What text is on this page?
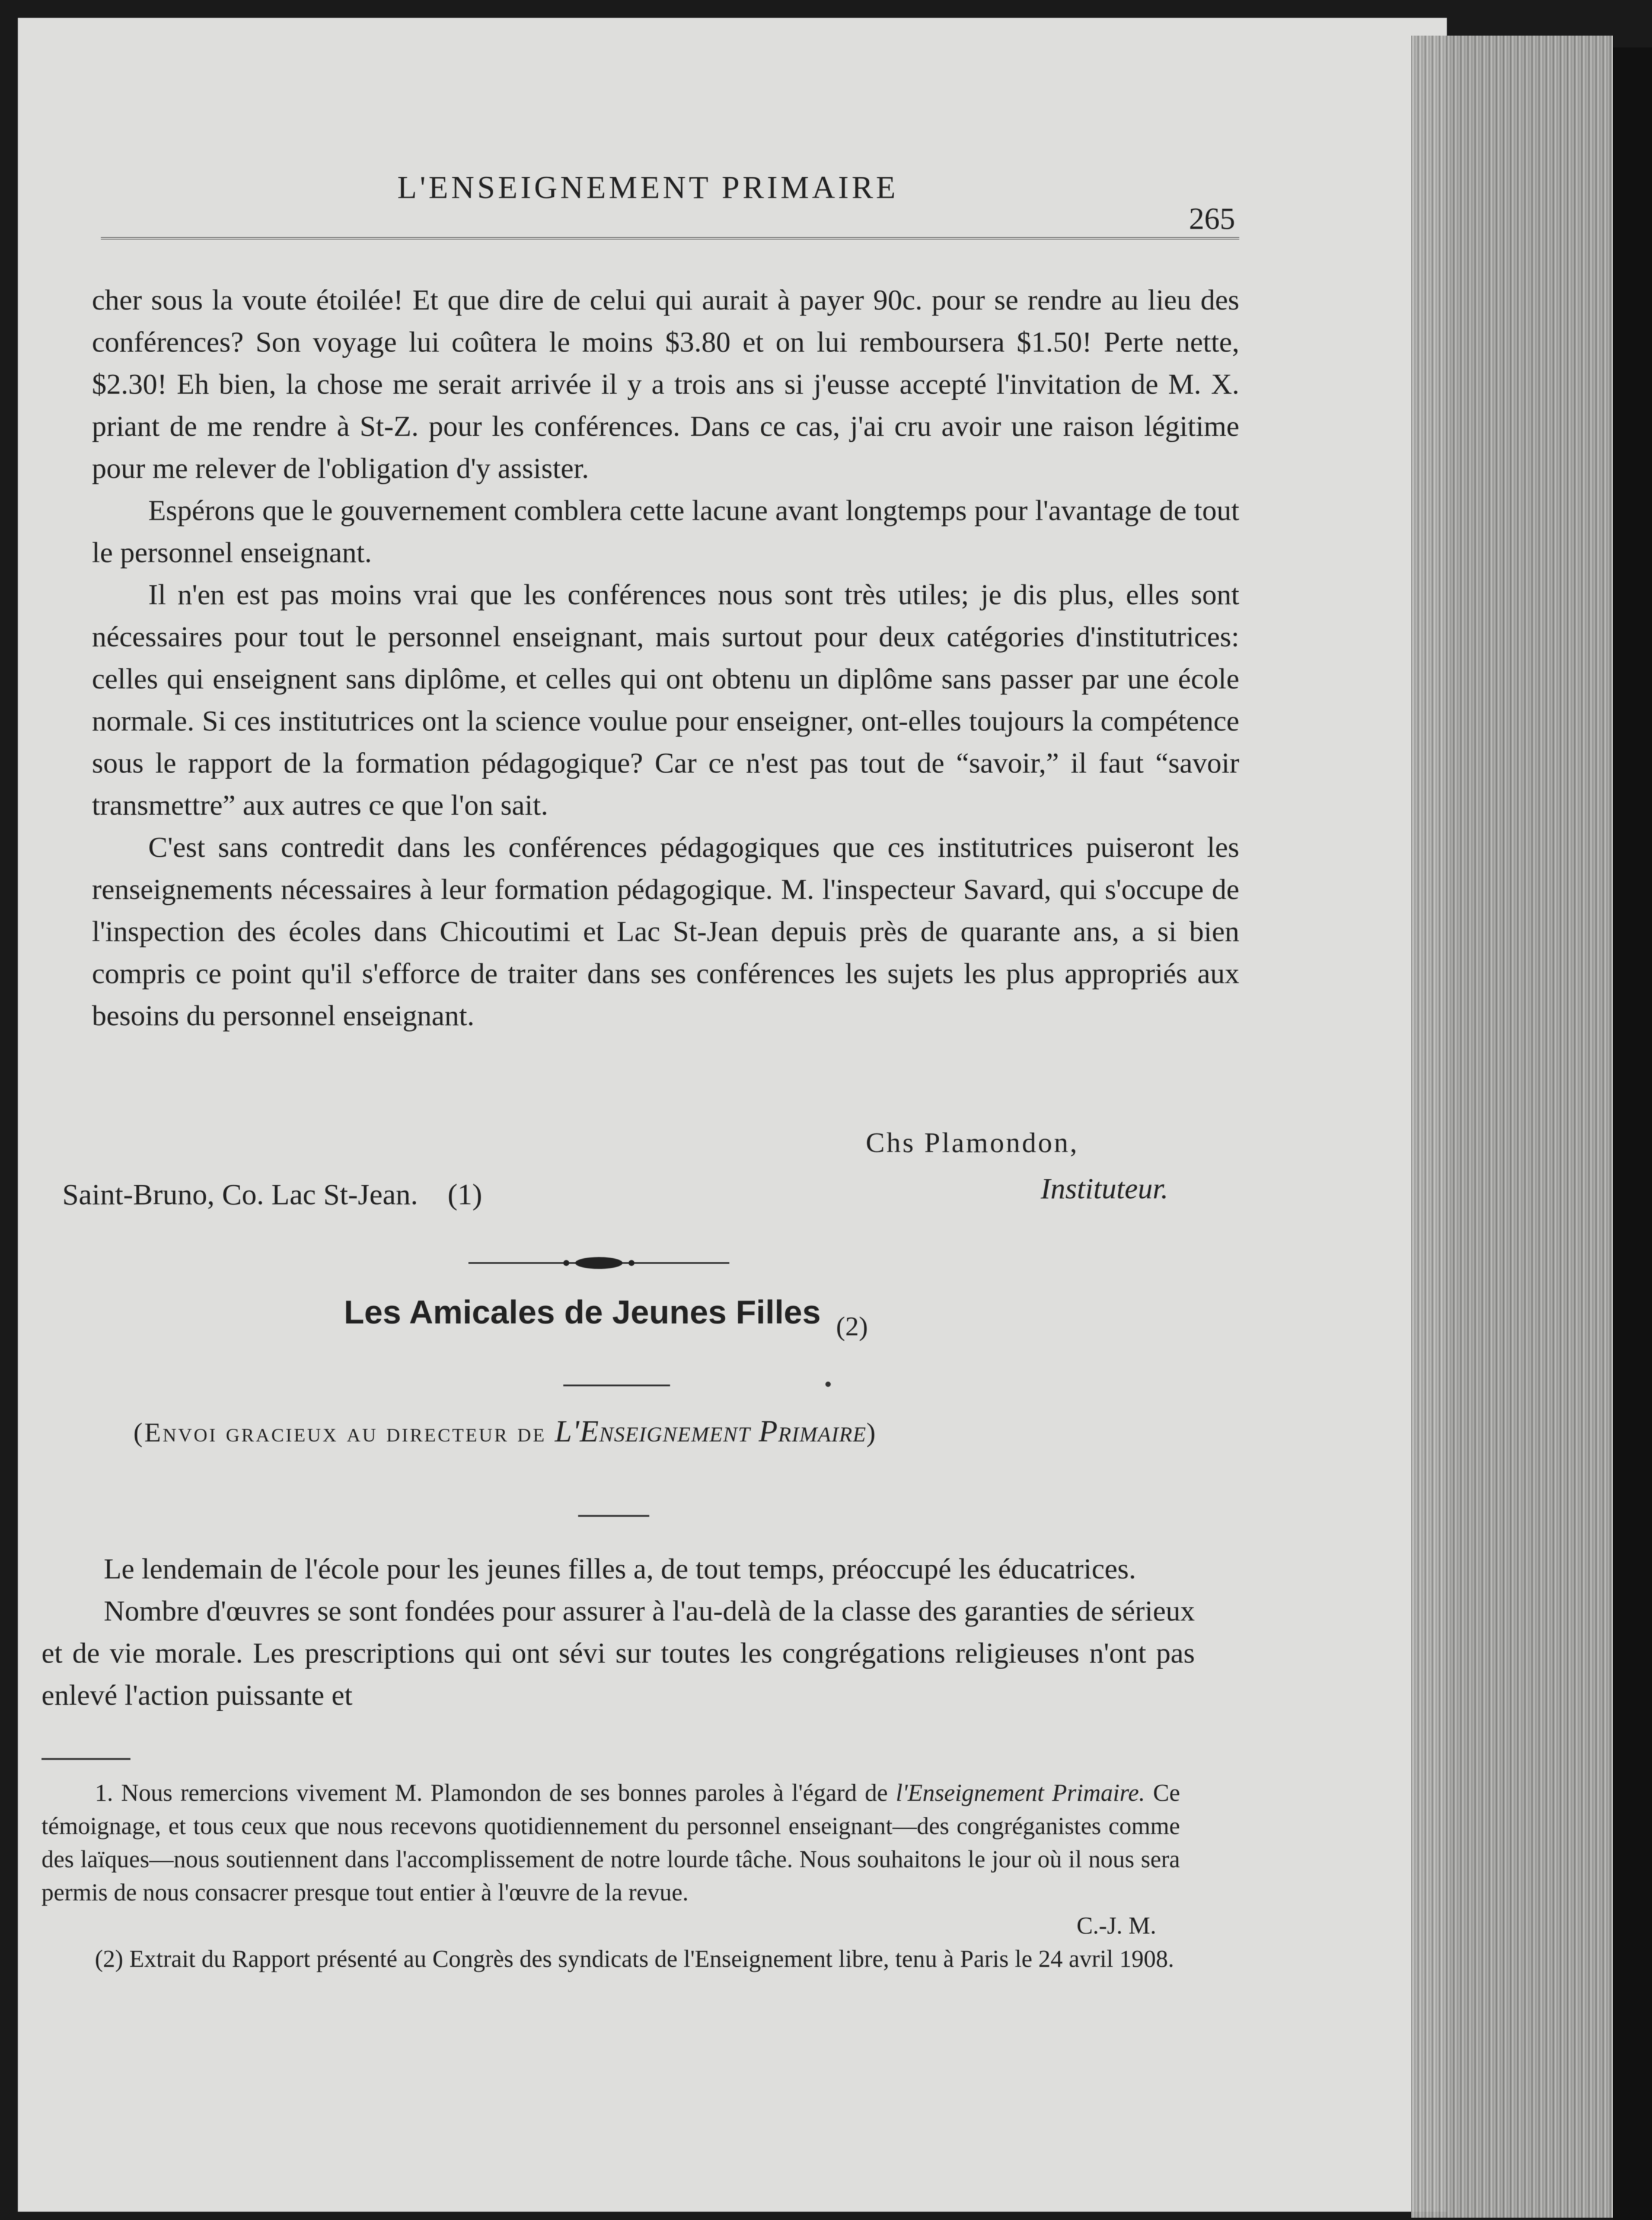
L'ENSEIGNEMENT PRIMAIRE
265

cher sous la voute étoilée! Et que dire de celui qui aurait à payer 90c. pour se rendre au lieu des conférences? Son voyage lui coûtera le moins $3.80 et on lui remboursera $1.50! Perte nette, $2.30! Eh bien, la chose me serait arrivée il y a trois ans si j'eusse accepté l'invitation de M. X. priant de me rendre à St-Z. pour les conférences. Dans ce cas, j'ai cru avoir une raison légitime pour me relever de l'obligation d'y assister.

Espérons que le gouvernement comblera cette lacune avant longtemps pour l'avantage de tout le personnel enseignant.

Il n'en est pas moins vrai que les conférences nous sont très utiles; je dis plus, elles sont nécessaires pour tout le personnel enseignant, mais surtout pour deux catégories d'institutrices: celles qui enseignent sans diplôme, et celles qui ont obtenu un diplôme sans passer par une école normale. Si ces institutrices ont la science voulue pour enseigner, ont-elles toujours la compétence sous le rapport de la formation pédagogique? Car ce n'est pas tout de “savoir,” il faut “savoir transmettre” aux autres ce que l'on sait.

C'est sans contredit dans les conférences pédagogiques que ces institutrices puiseront les renseignements nécessaires à leur formation pédagogique. M. l'inspecteur Savard, qui s'occupe de l'inspection des écoles dans Chicoutimi et Lac St-Jean depuis près de quarante ans, a si bien compris ce point qu'il s'efforce de traiter dans ses conférences les sujets les plus appropriés aux besoins du personnel enseignant.

Chs Plamondon,
Instituteur.
Saint-Bruno, Co. Lac St-Jean. (1)
Les Amicales de Jeunes Filles (2)
(Envoi gracieux au directeur de L'Enseignement Primaire)

Le lendemain de l'école pour les jeunes filles a, de tout temps, préoccupé les éducatrices.

Nombre d'œuvres se sont fondées pour assurer à l'au-delà de la classe des garanties de sérieux et de vie morale. Les prescriptions qui ont sévi sur toutes les congrégations religieuses n'ont pas enlevé l'action puissante et

1. Nous remercions vivement M. Plamondon de ses bonnes paroles à l'égard de l'Enseignement Primaire. Ce témoignage, et tous ceux que nous recevons quotidiennement du personnel enseignant—des congréganistes comme des laïques—nous soutiennent dans l'accomplissement de notre lourde tâche. Nous souhaitons le jour où il nous sera permis de nous consacrer presque tout entier à l'œuvre de la revue.
C.-J. M.

(2) Extrait du Rapport présenté au Congrès des syndicats de l'Enseignement libre, tenu à Paris le 24 avril 1908.
